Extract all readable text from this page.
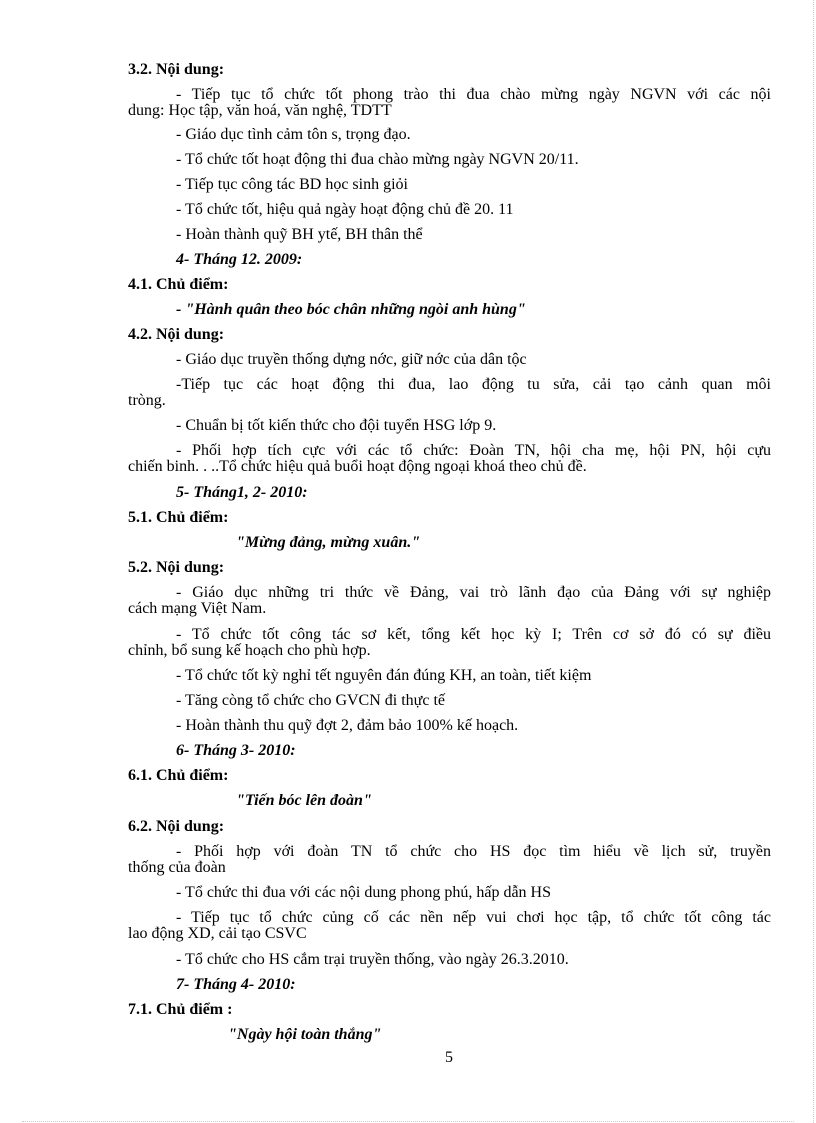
5
3.2. Nội dung:
- Tiếp tục tổ chức tốt phong trào thi đua chào mừng ngày NGVN với các nội
dung: Học tập, văn hoá, văn nghệ, TDTT
- Giáo dục tình cảm tôn s, trọng đạo.
- Tổ chức tốt hoạt động thi đua chào mừng ngày NGVN 20/11.
- Tiếp tục công tác BD học sinh giỏi
- Tổ chức tốt, hiệu quả ngày hoạt động chủ đề 20. 11
- Hoàn thành quỹ BH ytế, BH thân thể
4- Tháng 12. 2009:
4.1. Chủ điểm:
- "Hành quân theo bóc chân những ngòi anh hùng"
4.2. Nội dung:
- Giáo dục truyền thống dựng nớc, giữ nớc của dân tộc
-Tiếp tục các hoạt động thi đua, lao động tu sửa, cải tạo cảnh quan môi
tròng.
- Chuẩn bị tốt kiến thức cho đội tuyển HSG lớp 9.
- Phối hợp tích cực với các tổ chức: Đoàn TN, hội cha mẹ, hội PN, hội cựu
chiến binh. . ..Tổ chức hiệu quả buổi hoạt động ngoại khoá theo chủ đề.
5- Tháng1, 2- 2010:
5.1. Chủ điểm:
"Mừng đảng, mừng xuân."
5.2. Nội dung:
- Giáo dục những tri thức về Đảng, vai trò lãnh đạo của Đảng với sự nghiệp
cách mạng Việt Nam.
- Tổ chức tốt công tác sơ kết, tổng kết học kỳ I; Trên cơ sở đó có sự điều
chỉnh, bổ sung kế hoạch cho phù hợp.
- Tổ chức tốt kỳ nghỉ tết nguyên đán đúng KH, an toàn, tiết kiệm
- Tăng còng tổ chức cho GVCN đi thực tế
- Hoàn thành thu quỹ đợt 2, đảm bảo 100% kế hoạch.
6- Tháng 3- 2010:
6.1. Chủ điểm:
"Tiến bóc lên đoàn"
6.2. Nội dung:
- Phối hợp với đoàn TN tổ chức cho HS đọc tìm hiểu về lịch sử, truyền
thống của đoàn
- Tổ chức thi đua với các nội dung phong phú, hấp dẫn HS
- Tiếp tục tổ chức củng cố các nền nếp vui chơi học tập, tổ chức tốt công tác
lao động XD, cải tạo CSVC
- Tổ chức cho HS cắm trại truyền thống, vào ngày 26.3.2010.
7- Tháng 4- 2010:
7.1. Chủ điểm :
"Ngày hội toàn thắng"
